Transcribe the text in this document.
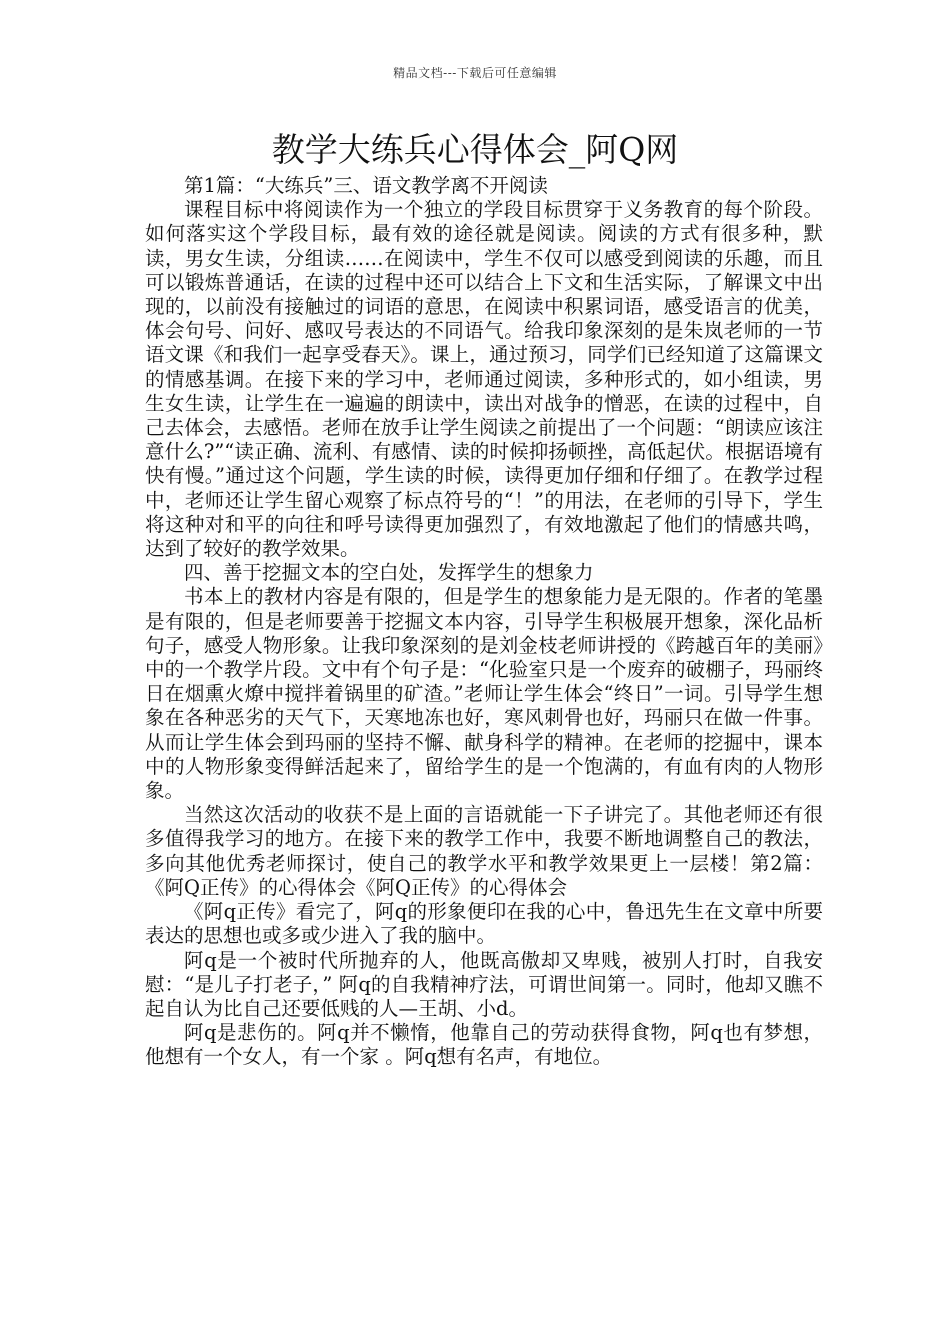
精品文档---下载后可任意编辑
教学大练兵心得体会_阿Q网

第1篇：“大练兵”三、语文教学离不开阅读

课程目标中将阅读作为一个独立的学段目标贯穿于义务教育的每个阶段。如何落实这个学段目标，最有效的途径就是阅读。阅读的方式有很多种，默读，男女生读，分组读……在阅读中，学生不仅可以感受到阅读的乐趣，而且可以锻炼普通话，在读的过程中还可以结合上下文和生活实际，了解课文中出现的，以前没有接触过的词语的意思，在阅读中积累词语，感受语言的优美，体会句号、问好、感叹号表达的不同语气。给我印象深刻的是朱岚老师的一节语文课《和我们一起享受春天》。课上，通过预习，同学们已经知道了这篇课文的情感基调。在接下来的学习中，老师通过阅读，多种形式的，如小组读，男生女生读，让学生在一遍遍的朗读中，读出对战争的憎恶，在读的过程中，自己去体会，去感悟。老师在放手让学生阅读之前提出了一个问题：“朗读应该注意什么?”“读正确、流利、有感情、读的时候抑扬顿挫，高低起伏。根据语境有快有慢。”通过这个问题，学生读的时候，读得更加仔细和仔细了。在教学过程中，老师还让学生留心观察了标点符号的“！”的用法，在老师的引导下，学生将这种对和平的向往和呼号读得更加强烈了，有效地激起了他们的情感共鸣，达到了较好的教学效果。

四、善于挖掘文本的空白处，发挥学生的想象力

书本上的教材内容是有限的，但是学生的想象能力是无限的。作者的笔墨是有限的，但是老师要善于挖掘文本内容，引导学生积极展开想象，深化品析句子，感受人物形象。让我印象深刻的是刘金枝老师讲授的《跨越百年的美丽》中的一个教学片段。文中有个句子是：“化验室只是一个废弃的破棚子，玛丽终日在烟熏火燎中搅拌着锅里的矿渣。”老师让学生体会“终日”一词。引导学生想象在各种恶劣的天气下，天寒地冻也好，寒风刺骨也好，玛丽只在做一件事。从而让学生体会到玛丽的坚持不懈、献身科学的精神。在老师的挖掘中，课本中的人物形象变得鲜活起来了，留给学生的是一个饱满的，有血有肉的人物形象。

当然这次活动的收获不是上面的言语就能一下子讲完了。其他老师还有很多值得我学习的地方。在接下来的教学工作中，我要不断地调整自己的教法，多向其他优秀老师探讨，使自己的教学水平和教学效果更上一层楼！第2篇：《阿Q正传》的心得体会《阿Q正传》的心得体会

《阿q正传》看完了，阿q的形象便印在我的心中，鲁迅先生在文章中所要表达的思想也或多或少进入了我的脑中。

阿q是一个被时代所抛弃的人，他既高傲却又卑贱，被别人打时，自我安慰：“是儿子打老子，” 阿q的自我精神疗法，可谓世间第一。同时，他却又瞧不起自认为比自己还要低贱的人—王胡、小d。

阿q是悲伤的。阿q并不懒惰，他靠自己的劳动获得食物，阿q也有梦想，他想有一个女人，有一个家 。阿q想有名声，有地位。
